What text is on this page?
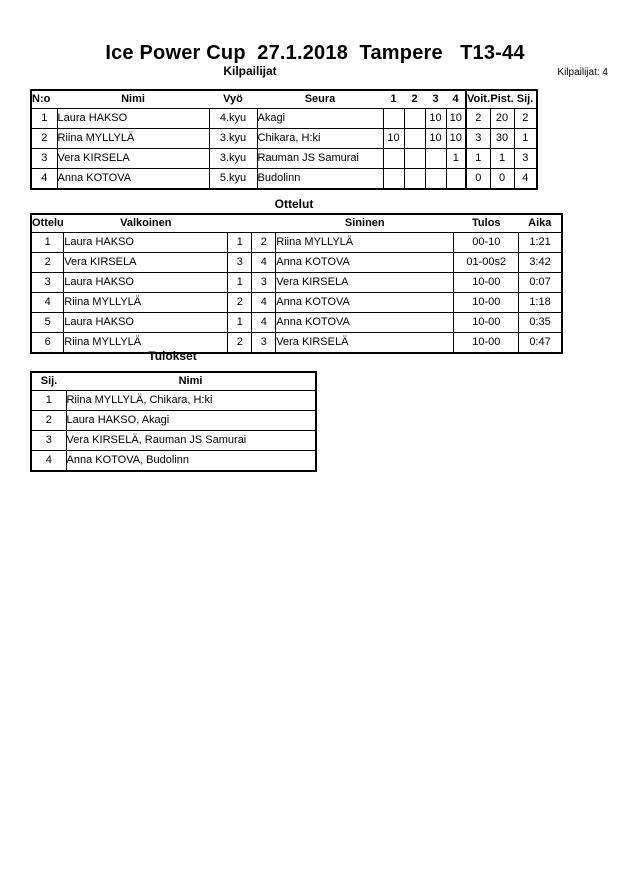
Ice Power Cup  27.1.2018  Tampere   T13-44
Kilpailijat	Kilpailijat: 4
N:o	Nimi	Vyö	Seura	1	2	3	4	Voit.	Pist.	Sij.
1	Laura HAKSO	4.kyu	Akagi			10	10	2	20	2
2	Riina MYLLYLÄ	3.kyu	Chikara, H:ki	10		10	10	3	30	1
3	Vera KIRSELA	3.kyu	Rauman JS Samurai				1	1	1	3
4	Anna KOTOVA	5.kyu	Budolinn					0	0	4
Ottelut
Ottelu	Valkoinen			Sininen	Tulos	Aika
1	Laura HAKSO	1	2	Riina MYLLYLÄ	00-10	1:21
2	Vera KIRSELA	3	4	Anna KOTOVA	01-00s2	3:42
3	Laura HAKSO	1	3	Vera KIRSELA	10-00	0:07
4	Riina MYLLYLÄ	2	4	Anna KOTOVA	10-00	1:18
5	Laura HAKSO	1	4	Anna KOTOVA	10-00	0:35
6	Riina MYLLYLÄ	2	3	Vera KIRSELÄ	10-00	0:47
Tulokset
Sij.	Nimi
1	Riina MYLLYLÄ, Chikara, H:ki
2	Laura HAKSO, Akagi
3	Vera KIRSELÄ, Rauman JS Samurai
4	Anna KOTOVA, Budolinn
